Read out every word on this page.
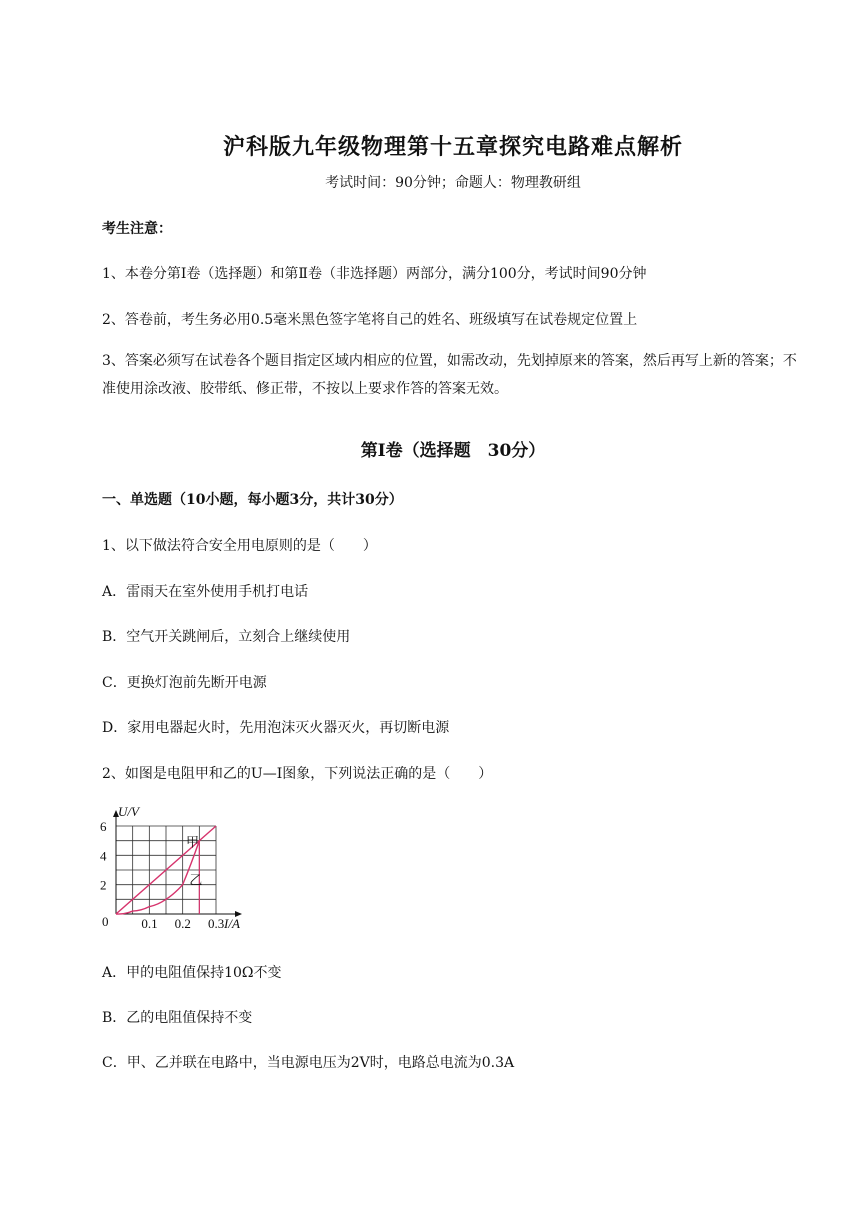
沪科版九年级物理第十五章探究电路难点解析
考试时间：90分钟；命题人：物理教研组
考生注意：
1、本卷分第Ⅰ卷（选择题）和第Ⅱ卷（非选择题）两部分，满分100分，考试时间90分钟
2、答卷前，考生务必用0.5毫米黑色签字笔将自己的姓名、班级填写在试卷规定位置上
3、答案必须写在试卷各个题目指定区域内相应的位置，如需改动，先划掉原来的答案，然后再写上新的答案；不准使用涂改液、胶带纸、修正带，不按以上要求作答的答案无效。
第Ⅰ卷（选择题　30分）
一、单选题（10小题，每小题3分，共计30分）
1、以下做法符合安全用电原则的是（　　）
A．雷雨天在室外使用手机打电话
B．空气开关跳闸后，立刻合上继续使用
C．更换灯泡前先断开电源
D．家用电器起火时，先用泡沫灭火器灭火，再切断电源
2、如图是电阻甲和乙的U—I图象，下列说法正确的是（　　）
甲
乙
2
4
6
0.1 0.2 0.3
0
U/V
I/A
A．甲的电阻值保持10Ω不变
B．乙的电阻值保持不变
C．甲、乙并联在电路中，当电源电压为2V时，电路总电流为0.3A
